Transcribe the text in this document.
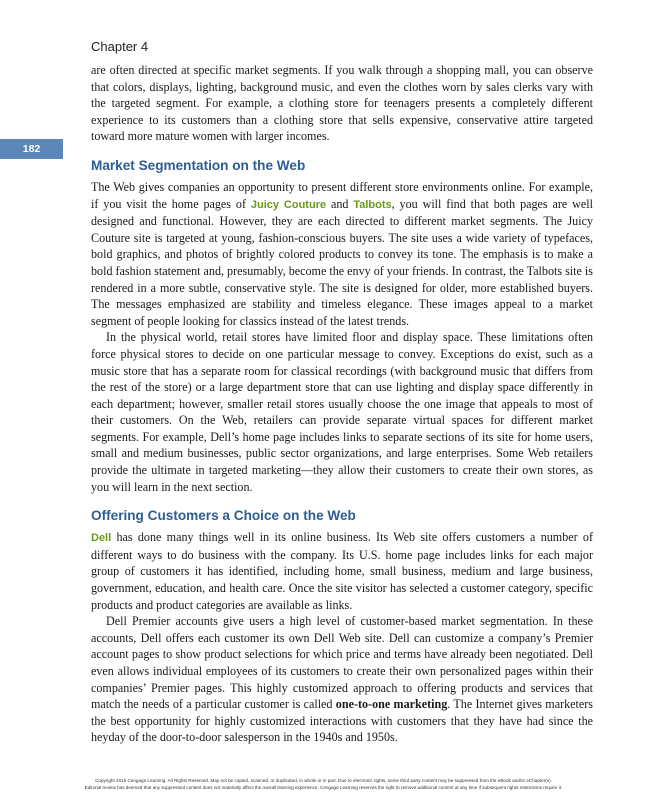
Chapter 4

182

are often directed at specific market segments. If you walk through a shopping mall, you can observe that colors, displays, lighting, background music, and even the clothes worn by sales clerks vary with the targeted segment. For example, a clothing store for teenagers presents a completely different experience to its customers than a clothing store that sells expensive, conservative attire targeted toward more mature women with larger incomes.

Market Segmentation on the Web

The Web gives companies an opportunity to present different store environments online. For example, if you visit the home pages of Juicy Couture and Talbots, you will find that both pages are well designed and functional. However, they are each directed to different market segments. The Juicy Couture site is targeted at young, fashion-conscious buyers. The site uses a wide variety of typefaces, bold graphics, and photos of brightly colored products to convey its tone. The emphasis is to make a bold fashion statement and, presumably, become the envy of your friends. In contrast, the Talbots site is rendered in a more subtle, conservative style. The site is designed for older, more established buyers. The messages emphasized are stability and timeless elegance. These images appeal to a market segment of people looking for classics instead of the latest trends.

In the physical world, retail stores have limited floor and display space. These limitations often force physical stores to decide on one particular message to convey. Exceptions do exist, such as a music store that has a separate room for classical recordings (with background music that differs from the rest of the store) or a large department store that can use lighting and display space differently in each department; however, smaller retail stores usually choose the one image that appeals to most of their customers. On the Web, retailers can provide separate virtual spaces for different market segments. For example, Dell’s home page includes links to separate sections of its site for home users, small and medium businesses, public sector organizations, and large enterprises. Some Web retailers provide the ultimate in targeted marketing—they allow their customers to create their own stores, as you will learn in the next section.

Offering Customers a Choice on the Web

Dell has done many things well in its online business. Its Web site offers customers a number of different ways to do business with the company. Its U.S. home page includes links for each major group of customers it has identified, including home, small business, medium and large business, government, education, and health care. Once the site visitor has selected a customer category, specific products and product categories are available as links.

Dell Premier accounts give users a high level of customer-based market segmentation. In these accounts, Dell offers each customer its own Dell Web site. Dell can customize a company’s Premier account pages to show product selections for which price and terms have already been negotiated. Dell even allows individual employees of its customers to create their own personalized pages within their companies’ Premier pages. This highly customized approach to offering products and services that match the needs of a particular customer is called one-to-one marketing. The Internet gives marketers the best opportunity for highly customized interactions with customers that they have had since the heyday of the door-to-door salesperson in the 1940s and 1950s.

Copyright 2015 Cengage Learning. All Rights Reserved. May not be copied, scanned, or duplicated, in whole or in part. Due to electronic rights, some third party content may be suppressed from the eBook and/or eChapter(s).
Editorial review has deemed that any suppressed content does not materially affect the overall learning experience. Cengage Learning reserves the right to remove additional content at any time if subsequent rights restrictions require it.
